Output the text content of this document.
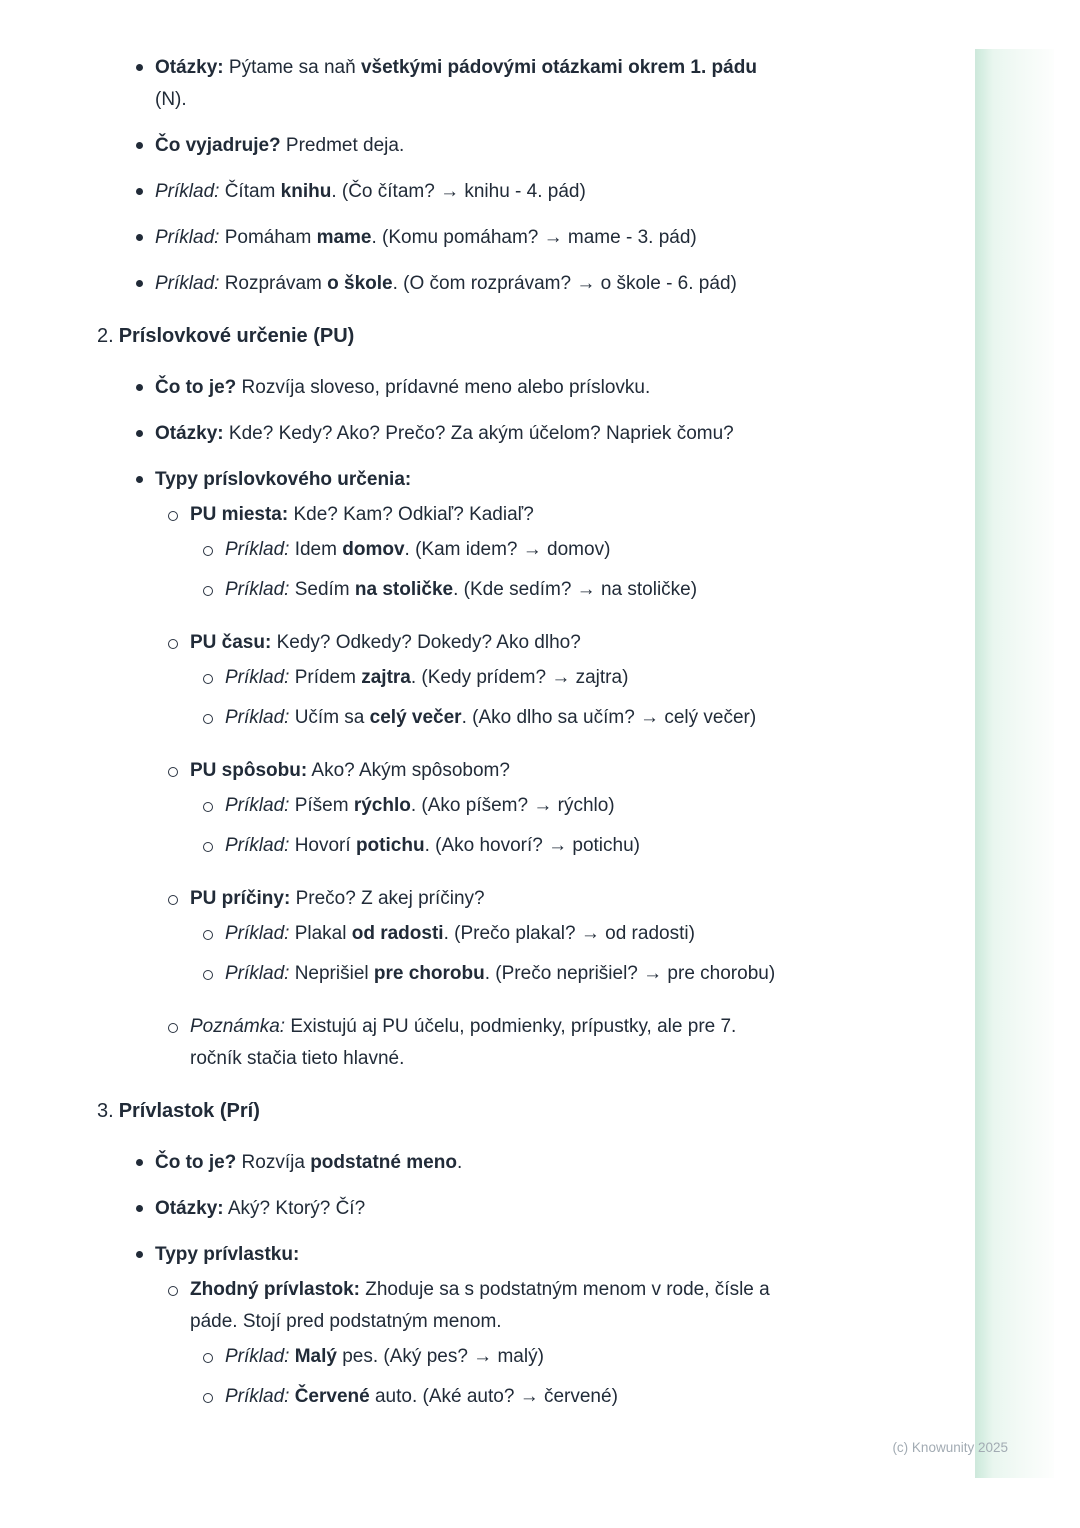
Otázky: Pýtame sa naň všetkými pádovými otázkami okrem 1. pádu
(N).
Čo vyjadruje? Predmet deja.
Príklad: Čítam knihu. (Čo čítam? → knihu - 4. pád)
Príklad: Pomáham mame. (Komu pomáham? → mame - 3. pád)
Príklad: Rozprávam o škole. (O čom rozprávam? → o škole - 6. pád)
2. Príslovkové určenie (PU)
Čo to je? Rozvíja sloveso, prídavné meno alebo príslovku.
Otázky: Kde? Kedy? Ako? Prečo? Za akým účelom? Napriek čomu?
Typy príslovkového určenia:
PU miesta: Kde? Kam? Odkiaľ? Kadiaľ?
Príklad: Idem domov. (Kam idem? → domov)
Príklad: Sedím na stoličke. (Kde sedím? → na stoličke)
PU času: Kedy? Odkedy? Dokedy? Ako dlho?
Príklad: Prídem zajtra. (Kedy prídem? → zajtra)
Príklad: Učím sa celý večer. (Ako dlho sa učím? → celý večer)
PU spôsobu: Ako? Akým spôsobom?
Príklad: Píšem rýchlo. (Ako píšem? → rýchlo)
Príklad: Hovorí potichu. (Ako hovorí? → potichu)
PU príčiny: Prečo? Z akej príčiny?
Príklad: Plakal od radosti. (Prečo plakal? → od radosti)
Príklad: Neprišiel pre chorobu. (Prečo neprišiel? → pre chorobu)
Poznámka: Existujú aj PU účelu, podmienky, prípustky, ale pre 7.
ročník stačia tieto hlavné.
3. Prívlastok (Prí)
Čo to je? Rozvíja podstatné meno.
Otázky: Aký? Ktorý? Čí?
Typy prívlastku:
Zhodný prívlastok: Zhoduje sa s podstatným menom v rode, čísle a
páde. Stojí pred podstatným menom.
Príklad: Malý pes. (Aký pes? → malý)
Príklad: Červené auto. (Aké auto? → červené)
(c) Knowunity 2025
